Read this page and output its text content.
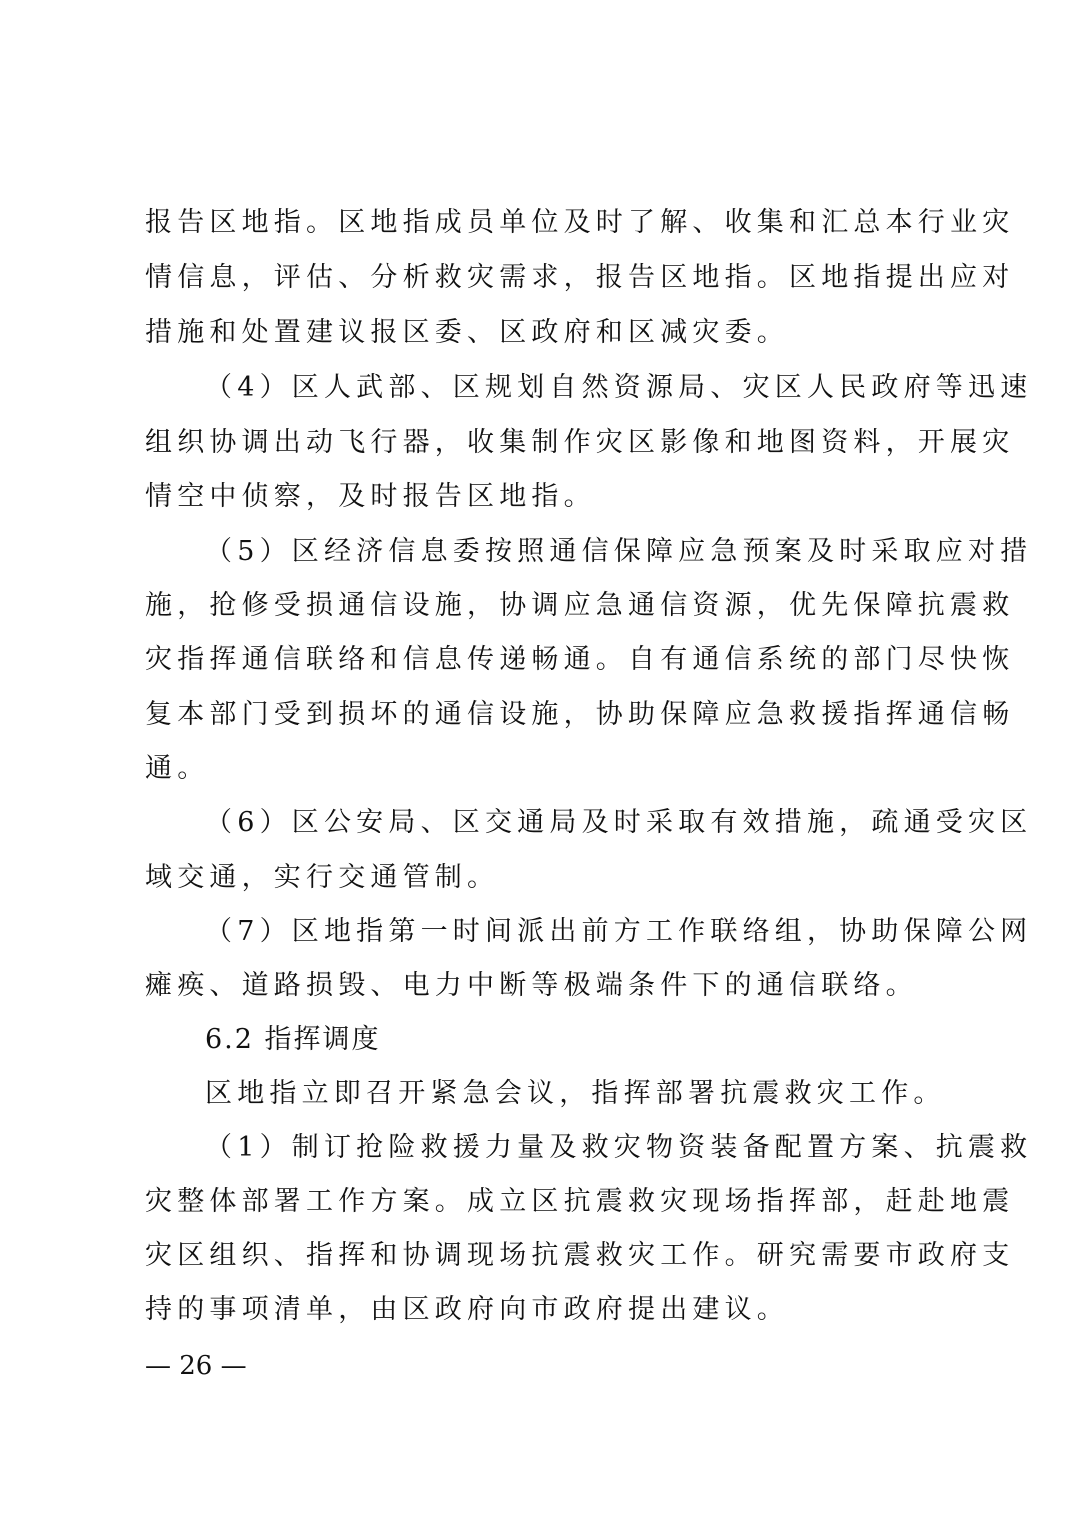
报告区地指。区地指成员单位及时了解、收集和汇总本行业灾
情信息，评估、分析救灾需求，报告区地指。区地指提出应对
措施和处置建议报区委、区政府和区减灾委。
（4）区人武部、区规划自然资源局、灾区人民政府等迅速
组织协调出动飞行器，收集制作灾区影像和地图资料，开展灾
情空中侦察，及时报告区地指。
（5）区经济信息委按照通信保障应急预案及时采取应对措
施，抢修受损通信设施，协调应急通信资源，优先保障抗震救
灾指挥通信联络和信息传递畅通。自有通信系统的部门尽快恢
复本部门受到损坏的通信设施，协助保障应急救援指挥通信畅
通。
（6）区公安局、区交通局及时采取有效措施，疏通受灾区
域交通，实行交通管制。
（7）区地指第一时间派出前方工作联络组，协助保障公网
瘫痪、道路损毁、电力中断等极端条件下的通信联络。
6.2 指挥调度
区地指立即召开紧急会议，指挥部署抗震救灾工作。
（1）制订抢险救援力量及救灾物资装备配置方案、抗震救
灾整体部署工作方案。成立区抗震救灾现场指挥部，赶赴地震
灾区组织、指挥和协调现场抗震救灾工作。研究需要市政府支
持的事项清单，由区政府向市政府提出建议。
— 26 —
